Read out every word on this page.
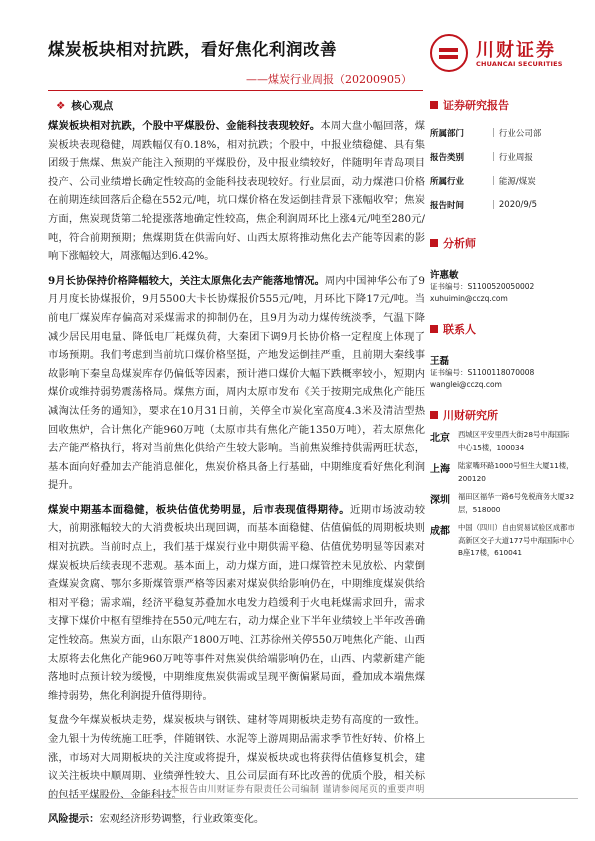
煤炭板块相对抗跌，看好焦化利润改善
——煤炭行业周报（20200905）
川财证券
CHUANCAI SECURITIES
❖ 核心观点

煤炭板块相对抗跌，个股中平煤股份、金能科技表现较好。本周大盘小幅回落，煤炭板块表现稳健，周跌幅仅有0.18%，相对抗跌；个股中，中报业绩稳健、具有集团级于焦煤、焦炭产能注入预期的平煤股份，及中报业绩较好，伴随明年青岛项目投产、公司业绩增长确定性较高的金能科技表现较好。行业层面，动力煤港口价格在前期连续回落后企稳在552元/吨，坑口煤价格在发运倒挂背景下涨幅收窄；焦炭方面，焦炭现货第二轮提涨落地确定性较高，焦企利润周环比上涨4元/吨至280元/吨，符合前期预期；焦煤期货在供需向好、山西太原将推动焦化去产能等因素的影响下涨幅较大，周涨幅达到6.42%。

9月长协保持价格降幅较大，关注太原焦化去产能落地情况。周内中国神华公布了9月月度长协煤报价，9月5500大卡长协煤报价555元/吨，月环比下降17元/吨。当前电厂煤炭库存偏高对采煤需求的抑制仍在，且9月为动力煤传统淡季，气温下降减少居民用电量、降低电厂耗煤负荷，大秦团下调9月长协价格一定程度上体现了市场预期。我们考虑到当前坑口煤价格坚挺，产地发运倒挂严重，且前期大秦线事故影响下秦皇岛煤炭库存仍偏低等因素，预计港口煤价大幅下跌概率较小，短期内煤价或维持弱势震荡格局。煤焦方面，周内太原市发布《关于按期完成焦化产能压减淘汰任务的通知》，要求在10月31日前，关停全市炭化室高度4.3米及清洁型热回收焦炉，合计焦化产能960万吨（太原市共有焦化产能1350万吨），若太原焦化去产能严格执行，将对当前焦化供给产生较大影响。当前焦炭维持供需两旺状态，基本面向好叠加去产能消息催化，焦炭价格具备上行基础，中期维度看好焦化利润提升。

煤炭中期基本面稳健，板块估值优势明显，后市表现值得期待。近期市场波动较大，前期涨幅较大的大消费板块出现回调，而基本面稳健、估值偏低的周期板块则相对抗跌。当前时点上，我们基于煤炭行业中期供需平稳、估值优势明显等因素对煤炭板块后续表现不悲观。基本面上，动力煤方面，进口煤管控未见放松、内蒙倒查煤炭贪腐、鄂尔多斯煤管票严格等因素对煤炭供给影响仍在，中期维度煤炭供给相对平稳；需求端，经济平稳复苏叠加水电发力趋缓利于火电耗煤需求回升，需求支撑下煤价中枢有望维持在550元/吨左右，动力煤企业下半年业绩较上半年改善确定性较高。焦炭方面，山东限产1800万吨、江苏徐州关停550万吨焦化产能、山西太原将去化焦化产能960万吨等事件对焦炭供给端影响仍在，山西、内蒙新建产能落地时点预计较为缓慢，中期维度焦炭供需或呈现平衡偏紧局面，叠加成本端焦煤维持弱势，焦化利润提升值得期待。

复盘今年煤炭板块走势，煤炭板块与钢铁、建材等周期板块走势有高度的一致性。金九银十为传统施工旺季，伴随钢铁、水泥等上游周期品需求季节性好转、价格上涨，市场对大周期板块的关注度或将提升，煤炭板块或也将获得估值修复机会，建议关注板块中顺周期、业绩弹性较大、且公司层面有环比改善的优质个股，相关标的包括平煤股份、金能科技。

风险提示：宏观经济形势调整，行业政策变化。

证券研究报告
所属部门	| 行业公司部
报告类别	| 行业周报
所属行业	| 能源/煤炭
报告时间	| 2020/9/5
分析师
许惠敏
证书编号：S1100520050002
xuhuimin@cczq.com
联系人
王磊
证书编号：S1100118070008
wanglei@cczq.com
川财研究所
北京	西城区平安里西大街28号中海国际中心15楼，100034
上海	陆家嘴环路1000号恒生大厦11楼，200120
深圳	福田区福华一路6号免税商务大厦32层，518000
成都	中国（四川）自由贸易试验区成都市高新区交子大道177号中海国际中心B座17楼，610041
本报告由川财证券有限责任公司编制 谨请参阅尾页的重要声明
